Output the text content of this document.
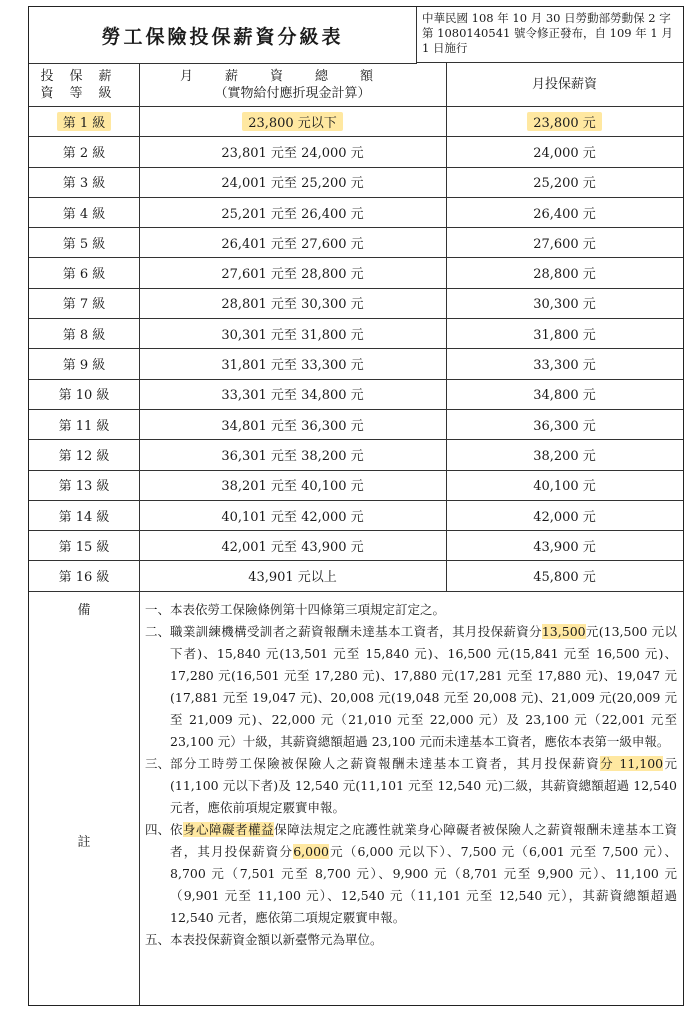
勞工保險投保薪資分級表
中華民國 108 年 10 月 30 日勞動部勞動保 2 字第 1080140541 號令修正發布，自 109 年 1 月 1 日施行
投保薪
資等級
月薪資總額
（實物給付應折現金計算）
月投保薪資
第 1 級	23,800 元以下	23,800 元
第 2 級	23,801 元至 24,000 元	24,000 元
第 3 級	24,001 元至 25,200 元	25,200 元
第 4 級	25,201 元至 26,400 元	26,400 元
第 5 級	26,401 元至 27,600 元	27,600 元
第 6 級	27,601 元至 28,800 元	28,800 元
第 7 級	28,801 元至 30,300 元	30,300 元
第 8 級	30,301 元至 31,800 元	31,800 元
第 9 級	31,801 元至 33,300 元	33,300 元
第 10 級	33,301 元至 34,800 元	34,800 元
第 11 級	34,801 元至 36,300 元	36,300 元
第 12 級	36,301 元至 38,200 元	38,200 元
第 13 級	38,201 元至 40,100 元	40,100 元
第 14 級	40,101 元至 42,000 元	42,000 元
第 15 級	42,001 元至 43,900 元	43,900 元
第 16 級	43,901 元以上	45,800 元
備
註
一、 本表依勞工保險條例第十四條第三項規定訂定之。
二、 職業訓練機構受訓者之薪資報酬未達基本工資者，其月投保薪資分13,500元(13,500 元以下者)、15,840 元(13,501 元至 15,840 元)、16,500 元(15,841 元至 16,500 元)、17,280 元(16,501 元至 17,280 元)、17,880 元(17,281 元至 17,880 元)、19,047 元(17,881 元至 19,047 元)、20,008 元(19,048 元至 20,008 元)、21,009 元(20,009 元至 21,009 元)、22,000 元（21,010 元至 22,000 元）及 23,100 元（22,001 元至 23,100 元）十級，其薪資總額超過 23,100 元而未達基本工資者，應依本表第一級申報。
三、 部分工時勞工保險被保險人之薪資報酬未達基本工資者，其月投保薪資分 11,100元(11,100 元以下者)及 12,540 元(11,101 元至 12,540 元)二級，其薪資總額超過 12,540 元者，應依前項規定覈實申報。
四、 依身心障礙者權益保障法規定之庇護性就業身心障礙者被保險人之薪資報酬未達基本工資者，其月投保薪資分6,000元（6,000 元以下）、7,500 元（6,001 元至 7,500 元）、8,700 元（7,501 元至 8,700 元）、9,900 元（8,701 元至 9,900 元）、11,100 元（9,901 元至 11,100 元）、12,540 元（11,101 元至 12,540 元），其薪資總額超過 12,540 元者，應依第二項規定覈實申報。
五、 本表投保薪資金額以新臺幣元為單位。
